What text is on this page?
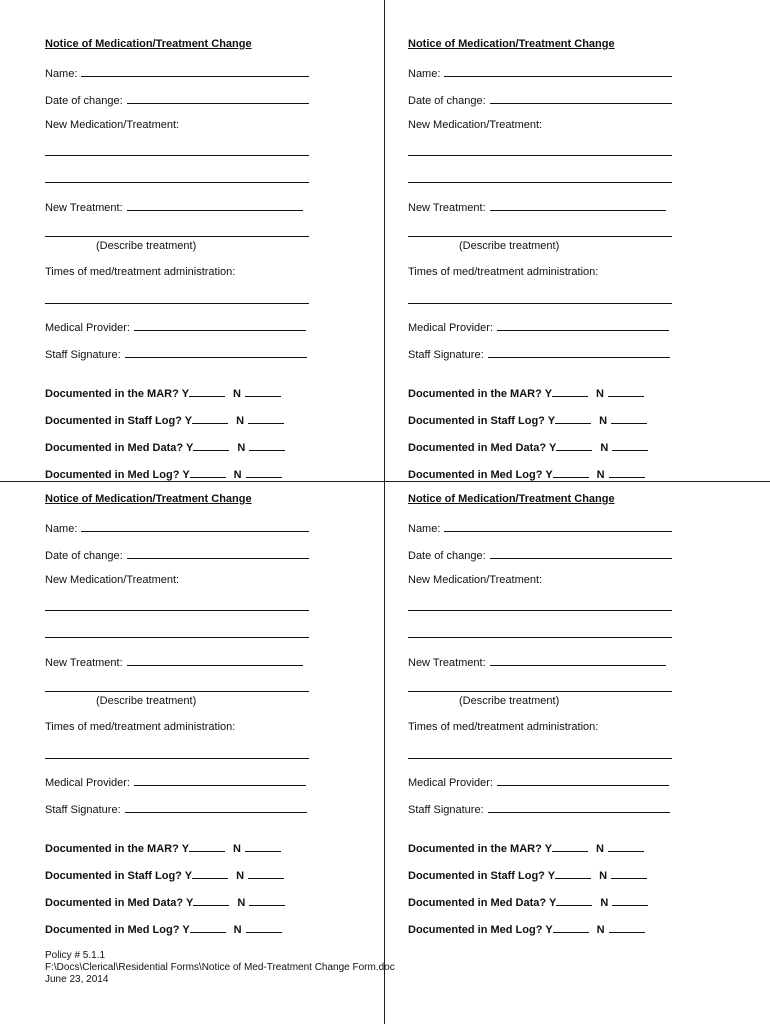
Notice of Medication/Treatment Change
Name:
Date of change:
New Medication/Treatment:
New Treatment:
(Describe treatment)
Times of med/treatment administration:
Medical Provider:
Staff Signature:
Documented in the MAR? Y	N
Documented in Staff Log? Y	N
Documented in Med Data? Y	N
Documented in Med Log? Y	N
Notice of Medication/Treatment Change
Name:
Date of change:
New Medication/Treatment:
New Treatment:
(Describe treatment)
Times of med/treatment administration:
Medical Provider:
Staff Signature:
Documented in the MAR? Y	N
Documented in Staff Log? Y	N
Documented in Med Data? Y	N
Documented in Med Log? Y	N
Notice of Medication/Treatment Change
Name:
Date of change:
New Medication/Treatment:
New Treatment:
(Describe treatment)
Times of med/treatment administration:
Medical Provider:
Staff Signature:
Documented in the MAR? Y	N
Documented in Staff Log? Y	N
Documented in Med Data? Y	N
Documented in Med Log? Y	N
Notice of Medication/Treatment Change
Name:
Date of change:
New Medication/Treatment:
New Treatment:
(Describe treatment)
Times of med/treatment administration:
Medical Provider:
Staff Signature:
Documented in the MAR? Y	N
Documented in Staff Log? Y	N
Documented in Med Data? Y	N
Documented in Med Log? Y	N
Policy # 5.1.1
F:\Docs\Clerical\Residential Forms\Notice of Med-Treatment Change Form.doc
June 23, 2014
